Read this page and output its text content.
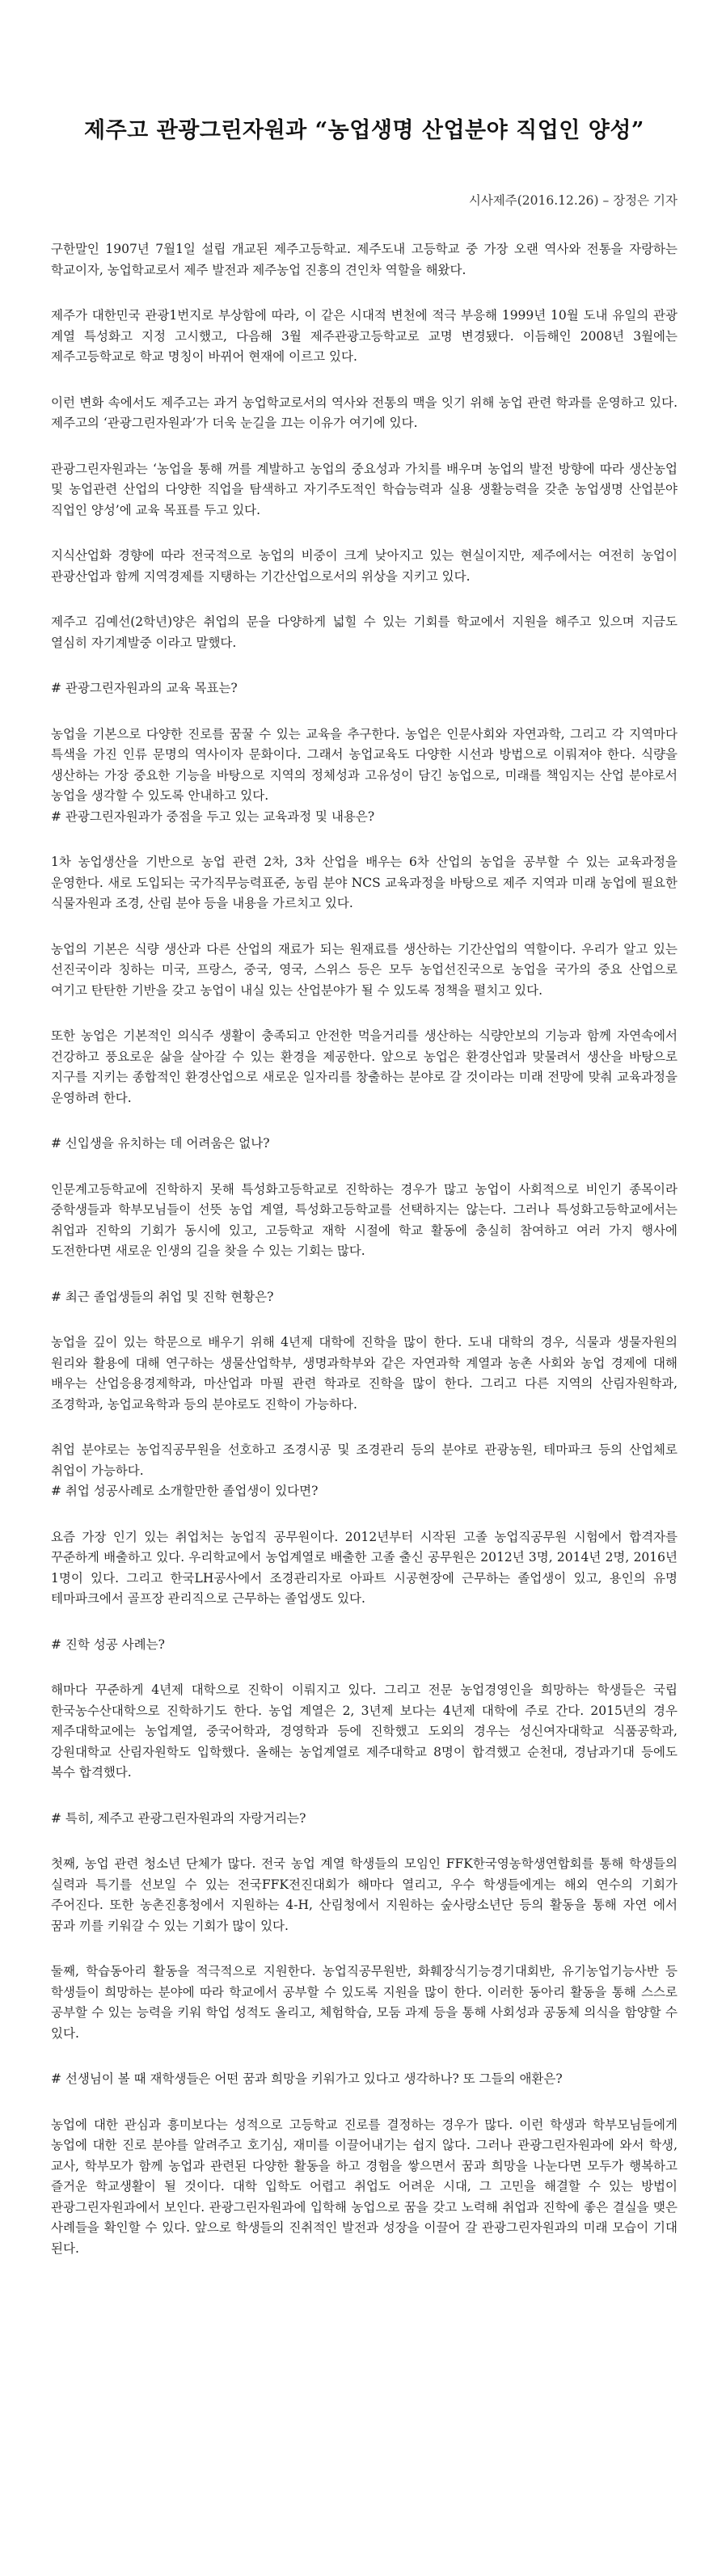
제주고 관광그린자원과 “농업생명 산업분야 직업인 양성”
시사제주(2016.12.26) – 장정은 기자

구한말인 1907년 7월1일 설립 개교된 제주고등학교. 제주도내 고등학교 중 가장 오랜 역사와 전통을 자랑하는 학교이자, 농업학교로서 제주 발전과 제주농업 진흥의 견인차 역할을 해왔다.

제주가 대한민국 관광1번지로 부상함에 따라, 이 같은 시대적 변천에 적극 부응해 1999년 10월 도내 유일의 관광 계열 특성화고 지정 고시했고, 다음해 3월 제주관광고등학교로 교명 변경됐다. 이듬해인 2008년 3월에는 제주고등학교로 학교 명칭이 바뀌어 현재에 이르고 있다.

이런 변화 속에서도 제주고는 과거 농업학교로서의 역사와 전통의 맥을 잇기 위해 농업 관련 학과를 운영하고 있다. 제주고의 ‘관광그린자원과’가 더욱 눈길을 끄는 이유가 여기에 있다.

관광그린자원과는 ‘농업을 통해 꺼를 계발하고 농업의 중요성과 가치를 배우며 농업의 발전 방향에 따라 생산농업 및 농업관련 산업의 다양한 직업을 탐색하고 자기주도적인 학습능력과 실용 생활능력을 갖춘 농업생명 산업분야 직업인 양성’에 교육 목표를 두고 있다.

지식산업화 경향에 따라 전국적으로 농업의 비중이 크게 낮아지고 있는 현실이지만, 제주에서는 여전히 농업이 관광산업과 함께 지역경제를 지탱하는 기간산업으로서의 위상을 지키고 있다.

제주고 김예선(2학년)양은 취업의 문을 다양하게 넓힐 수 있는 기회를 학교에서 지원을 해주고 있으며 지금도 열심히 자기계발중 이라고 말했다.

# 관광그린자원과의 교육 목표는?

농업을 기본으로 다양한 진로를 꿈꿀 수 있는 교육을 추구한다. 농업은 인문사회와 자연과학, 그리고 각 지역마다 특색을 가진 인류 문명의 역사이자 문화이다. 그래서 농업교육도 다양한 시선과 방법으로 이뤄져야 한다. 식량을 생산하는 가장 중요한 기능을 바탕으로 지역의 정체성과 고유성이 담긴 농업으로, 미래를 책임지는 산업 분야로서 농업을 생각할 수 있도록 안내하고 있다.

# 관광그린자원과가 중점을 두고 있는 교육과정 및 내용은?

1차 농업생산을 기반으로 농업 관련 2차, 3차 산업을 배우는 6차 산업의 농업을 공부할 수 있는 교육과정을 운영한다. 새로 도입되는 국가직무능력표준, 농림 분야 NCS 교육과정을 바탕으로 제주 지역과 미래 농업에 필요한 식물자원과 조경, 산림 분야 등을 내용을 가르치고 있다.

농업의 기본은 식량 생산과 다른 산업의 재료가 되는 원재료를 생산하는 기간산업의 역할이다. 우리가 알고 있는 선진국이라 칭하는 미국, 프랑스, 중국, 영국, 스위스 등은 모두 농업선진국으로 농업을 국가의 중요 산업으로 여기고 탄탄한 기반을 갖고 농업이 내실 있는 산업분야가 될 수 있도록 정책을 펼치고 있다.

또한 농업은 기본적인 의식주 생활이 충족되고 안전한 먹을거리를 생산하는 식량안보의 기능과 함께 자연속에서 건강하고 풍요로운 삶을 살아갈 수 있는 환경을 제공한다. 앞으로 농업은 환경산업과 맞물려서 생산을 바탕으로 지구를 지키는 종합적인 환경산업으로 새로운 일자리를 창출하는 분야로 갈 것이라는 미래 전망에 맞춰 교육과정을 운영하려 한다.

# 신입생을 유치하는 데 어려움은 없나?

인문계고등학교에 진학하지 못해 특성화고등학교로 진학하는 경우가 많고 농업이 사회적으로 비인기 종목이라 중학생들과 학부모님들이 선뜻 농업 계열, 특성화고등학교를 선택하지는 않는다. 그러나 특성화고등학교에서는 취업과 진학의 기회가 동시에 있고, 고등학교 재학 시절에 학교 활동에 충실히 참여하고 여러 가지 행사에 도전한다면 새로운 인생의 길을 찾을 수 있는 기회는 많다.

# 최근 졸업생들의 취업 및 진학 현황은?

농업을 깊이 있는 학문으로 배우기 위해 4년제 대학에 진학을 많이 한다. 도내 대학의 경우, 식물과 생물자원의 원리와 활용에 대해 연구하는 생물산업학부, 생명과학부와 같은 자연과학 계열과 농촌 사회와 농업 경제에 대해 배우는 산업응용경제학과, 마산업과 마필 관련 학과로 진학을 많이 한다. 그리고 다른 지역의 산림자원학과, 조경학과, 농업교육학과 등의 분야로도 진학이 가능하다.

취업 분야로는 농업직공무원을 선호하고 조경시공 및 조경관리 등의 분야로 관광농원, 테마파크 등의 산업체로 취업이 가능하다.

# 취업 성공사례로 소개할만한 졸업생이 있다면?

요즘 가장 인기 있는 취업처는 농업직 공무원이다. 2012년부터 시작된 고졸 농업직공무원 시험에서 합격자를 꾸준하게 배출하고 있다. 우리학교에서 농업계열로 배출한 고졸 출신 공무원은 2012년 3명, 2014년 2명, 2016년 1명이 있다. 그리고 한국LH공사에서 조경관리자로 아파트 시공현장에 근무하는 졸업생이 있고, 용인의 유명 테마파크에서 골프장 관리직으로 근무하는 졸업생도 있다.

# 진학 성공 사례는?

해마다 꾸준하게 4년제 대학으로 진학이 이뤄지고 있다. 그리고 전문 농업경영인을 희망하는 학생들은 국립 한국농수산대학으로 진학하기도 한다. 농업 계열은 2, 3년제 보다는 4년제 대학에 주로 간다. 2015년의 경우 제주대학교에는 농업계열, 중국어학과, 경영학과 등에 진학했고 도외의 경우는 성신여자대학교 식품공학과, 강원대학교 산림자원학도 입학했다. 올해는 농업계열로 제주대학교 8명이 합격했고 순천대, 경남과기대 등에도 복수 합격했다.

# 특히, 제주고 관광그린자원과의 자랑거리는?

첫째, 농업 관련 청소년 단체가 많다. 전국 농업 계열 학생들의 모임인 FFK한국영농학생연합회를 통해 학생들의 실력과 특기를 선보일 수 있는 전국FFK전진대회가 해마다 열리고, 우수 학생들에게는 해외 연수의 기회가 주어진다. 또한 농촌진흥청에서 지원하는 4-H, 산림청에서 지원하는 숲사랑소년단 등의 활동을 통해 자연 에서 꿈과 끼를 키워갈 수 있는 기회가 많이 있다.

둘째, 학습동아리 활동을 적극적으로 지원한다. 농업직공무원반, 화훼장식기능경기대회반, 유기농업기능사반 등 학생들이 희망하는 분야에 따라 학교에서 공부할 수 있도록 지원을 많이 한다. 이러한 동아리 활동을 통해 스스로 공부할 수 있는 능력을 키워 학업 성적도 올리고, 체험학습, 모둠 과제 등을 통해 사회성과 공동체 의식을 함양할 수 있다.

# 선생님이 볼 때 재학생들은 어떤 꿈과 희망을 키워가고 있다고 생각하나? 또 그들의 애환은?

농업에 대한 관심과 흥미보다는 성적으로 고등학교 진로를 결정하는 경우가 많다. 이런 학생과 학부모님들에게 농업에 대한 진로 분야를 알려주고 호기심, 재미를 이끌어내기는 쉽지 않다. 그러나 관광그린자원과에 와서 학생, 교사, 학부모가 함께 농업과 관련된 다양한 활동을 하고 경험을 쌓으면서 꿈과 희망을 나눈다면 모두가 행복하고 즐거운 학교생활이 될 것이다. 대학 입학도 어렵고 취업도 어려운 시대, 그 고민을 해결할 수 있는 방법이 관광그린자원과에서 보인다. 관광그린자원과에 입학해 농업으로 꿈을 갖고 노력해 취업과 진학에 좋은 결실을 맺은 사례들을 확인할 수 있다. 앞으로 학생들의 진취적인 발전과 성장을 이끌어 갈 관광그린자원과의 미래 모습이 기대 된다.
